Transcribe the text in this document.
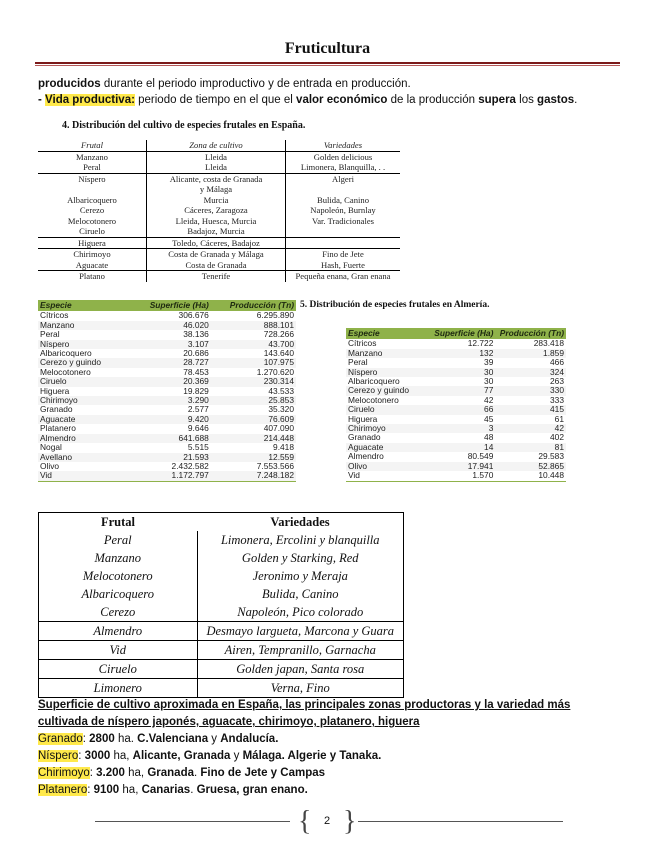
Fruticultura
producidos durante el periodo improductivo y de entrada en producción.
- Vida productiva: periodo de tiempo en el que el valor económico de la producción supera los gastos.
4. Distribución del cultivo de especies frutales en España.
Frutal	Zona de cultivo	Variedades
Manzano	Lleida	Golden delicious
Peral	Lleida	Limonera, Blanquilla, . .
Níspero	Alicante, costa de Granada	Algeri
	y Málaga	
Albaricoquero	Murcia	Bulida, Canino
Cerezo	Cáceres, Zaragoza	Napoleón, Burnlay
Melocotonero	Lleida, Huesca, Murcia	Var. Tradicionales
Ciruelo	Badajoz, Murcia	
Higuera	Toledo, Cáceres, Badajoz	
Chirimoyo	Costa de Granada y Málaga	Fino de Jete
Aguacate	Costa de Granada	Hash, Fuerte
Platano	Tenerife	Pequeña enana, Gran enana
Especie	Superficie (Ha)	Producción (Tn)
Cítricos	306.676	6.295.890
Manzano	46.020	888.101
Peral	38.136	728.266
Níspero	3.107	43.700
Albaricoquero	20.686	143.640
Cerezo y guindo	28.727	107.975
Melocotonero	78.453	1.270.620
Ciruelo	20.369	230.314
Higuera	19.829	43.533
Chirimoyo	3.290	25.853
Granado	2.577	35.320
Aguacate	9.420	76.609
Platanero	9.646	407.090
Almendro	641.688	214.448
Nogal	5.515	9.418
Avellano	21.593	12.559
Olivo	2.432.582	7.553.566
Vid	1.172.797	7.248.182
5. Distribución de especies frutales en Almería.
Especie	Superficie (Ha)	Producción (Tn)
Cítricos	12.722	283.418
Manzano	132	1.859
Peral	39	466
Níspero	30	324
Albaricoquero	30	263
Cerezo y guindo	77	330
Melocotonero	42	333
Ciruelo	66	415
Higuera	45	61
Chirimoyo	3	42
Granado	48	402
Aguacate	14	81
Almendro	80.549	29.583
Olivo	17.941	52.865
Vid	1.570	10.448
Frutal	Variedades
Peral	Limonera, Ercolini y blanquilla
Manzano	Golden y Starking, Red
Melocotonero	Jeronimo y Meraja
Albaricoquero	Bulida, Canino
Cerezo	Napoleón, Pico colorado
Almendro	Desmayo largueta, Marcona y Guara
Vid	Airen, Tempranillo, Garnacha
Ciruelo	Golden japan, Santa rosa
Limonero	Verna, Fino
Superficie de cultivo aproximada en España, las principales zonas productoras y la variedad más
cultivada de níspero japonés, aguacate, chirimoyo, platanero, higuera
Granado: 2800 ha. C.Valenciana y Andalucía.
Níspero: 3000 ha, Alicante, Granada y Málaga. Algerie y Tanaka.
Chirimoyo: 3.200 ha, Granada. Fino de Jete y Campas
Platanero: 9100 ha, Canarias. Gruesa, gran enano.
{	2 }
